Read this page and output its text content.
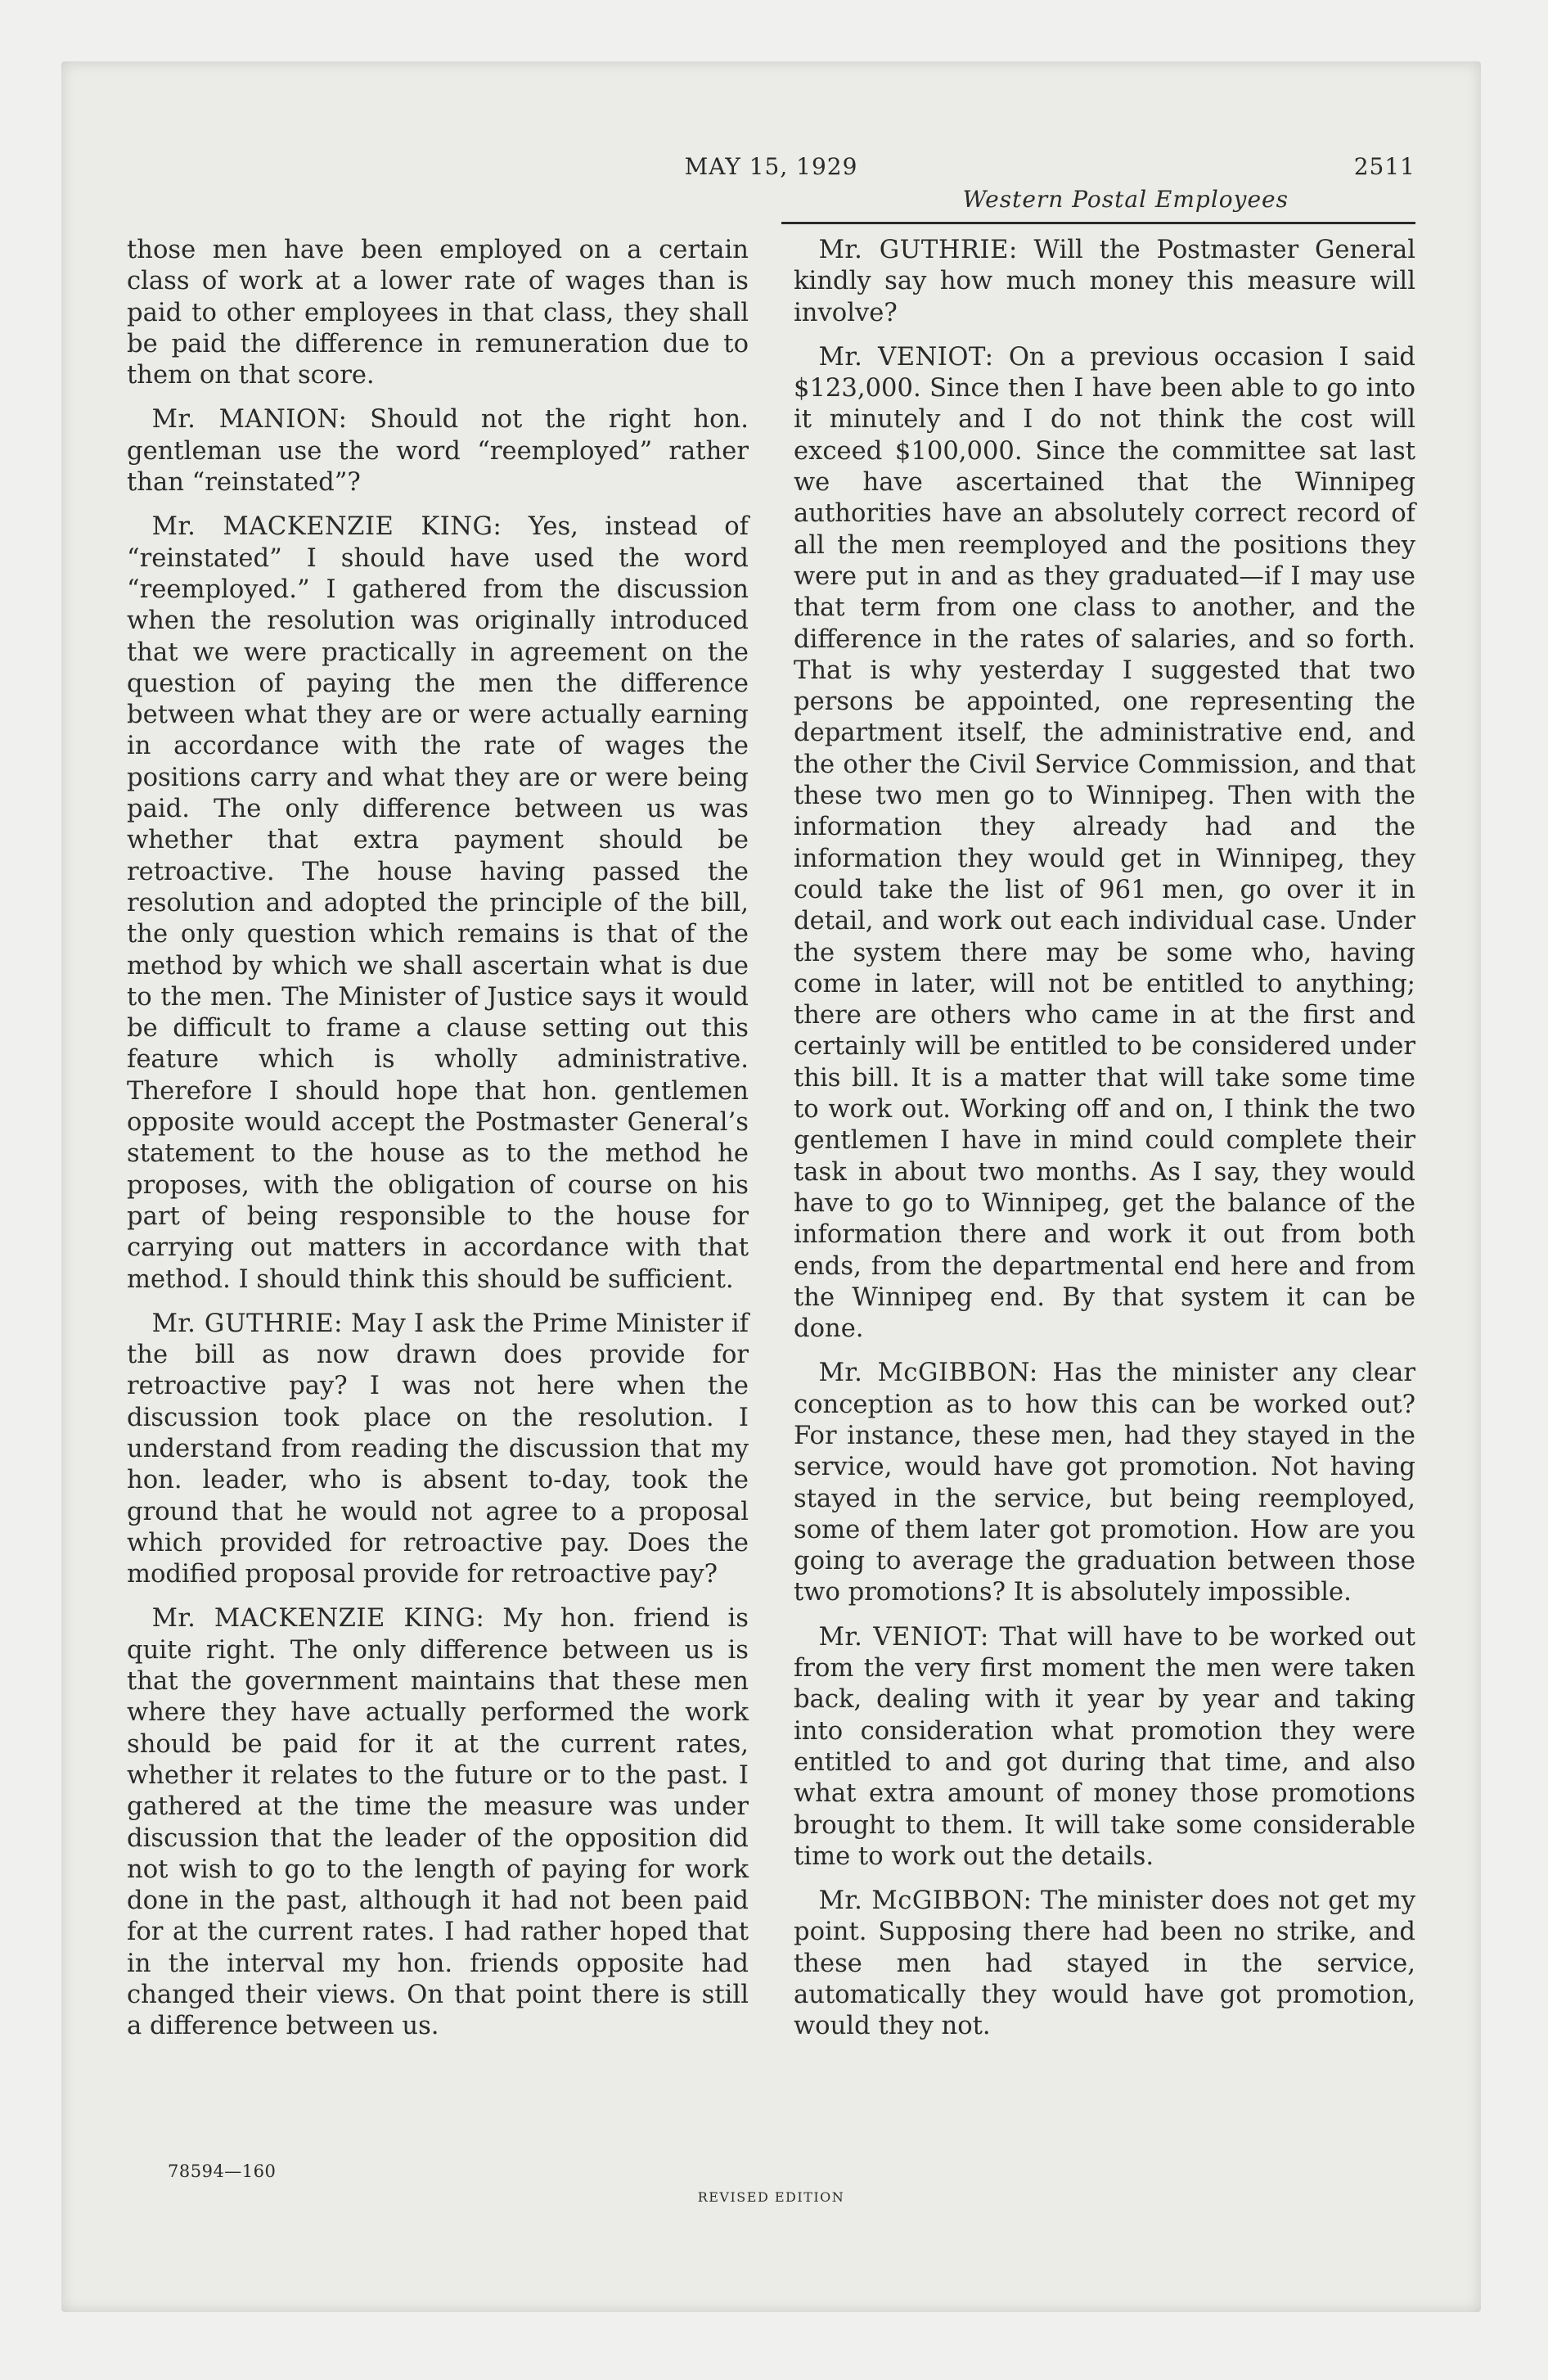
MAY 15, 1929	2511
Western Postal Employees

those men have been employed on a certain class of work at a lower rate of wages than is paid to other employees in that class, they shall be paid the difference in remuneration due to them on that score.

 Mr. MANION: Should not the right hon. gentleman use the word “reemployed” rather than “reinstated”?

 Mr. MACKENZIE KING: Yes, instead of “reinstated” I should have used the word “reemployed.” I gathered from the discussion when the resolution was originally introduced that we were practically in agreement on the question of paying the men the difference between what they are or were actually earning in accordance with the rate of wages the positions carry and what they are or were being paid. The only difference between us was whether that extra payment should be retroactive. The house having passed the resolution and adopted the principle of the bill, the only question which remains is that of the method by which we shall ascertain what is due to the men. The Minister of Justice says it would be difficult to frame a clause setting out this feature which is wholly administrative. Therefore I should hope that hon. gentlemen opposite would accept the Postmaster General’s statement to the house as to the method he proposes, with the obligation of course on his part of being responsible to the house for carrying out matters in accordance with that method. I should think this should be sufficient.

 Mr. GUTHRIE: May I ask the Prime Minister if the bill as now drawn does provide for retroactive pay? I was not here when the discussion took place on the resolution. I understand from reading the discussion that my hon. leader, who is absent to-day, took the ground that he would not agree to a proposal which provided for retroactive pay. Does the modified proposal provide for retroactive pay?

 Mr. MACKENZIE KING: My hon. friend is quite right. The only difference between us is that the government maintains that these men where they have actually performed the work should be paid for it at the current rates, whether it relates to the future or to the past. I gathered at the time the measure was under discussion that the leader of the opposition did not wish to go to the length of paying for work done in the past, although it had not been paid for at the current rates. I had rather hoped that in the interval my hon. friends opposite had changed their views. On that point there is still a difference between us.

 Mr. GUTHRIE: Will the Postmaster General kindly say how much money this measure will involve?

 Mr. VENIOT: On a previous occasion I said $123,000. Since then I have been able to go into it minutely and I do not think the cost will exceed $100,000. Since the committee sat last we have ascertained that the Winnipeg authorities have an absolutely correct record of all the men reemployed and the positions they were put in and as they graduated—if I may use that term from one class to another, and the difference in the rates of salaries, and so forth. That is why yesterday I suggested that two persons be appointed, one representing the department itself, the administrative end, and the other the Civil Service Commission, and that these two men go to Winnipeg. Then with the information they already had and the information they would get in Winnipeg, they could take the list of 961 men, go over it in detail, and work out each individual case. Under the system there may be some who, having come in later, will not be entitled to anything; there are others who came in at the first and certainly will be entitled to be considered under this bill. It is a matter that will take some time to work out. Working off and on, I think the two gentlemen I have in mind could complete their task in about two months. As I say, they would have to go to Winnipeg, get the balance of the information there and work it out from both ends, from the departmental end here and from the Winnipeg end. By that system it can be done.

 Mr. McGIBBON: Has the minister any clear conception as to how this can be worked out? For instance, these men, had they stayed in the service, would have got promotion. Not having stayed in the service, but being reemployed, some of them later got promotion. How are you going to average the graduation between those two promotions? It is absolutely impossible.

 Mr. VENIOT: That will have to be worked out from the very first moment the men were taken back, dealing with it year by year and taking into consideration what promotion they were entitled to and got during that time, and also what extra amount of money those promotions brought to them. It will take some considerable time to work out the details.

 Mr. McGIBBON: The minister does not get my point. Supposing there had been no strike, and these men had stayed in the service, automatically they would have got promotion, would they not.

78594—160
REVISED EDITION
